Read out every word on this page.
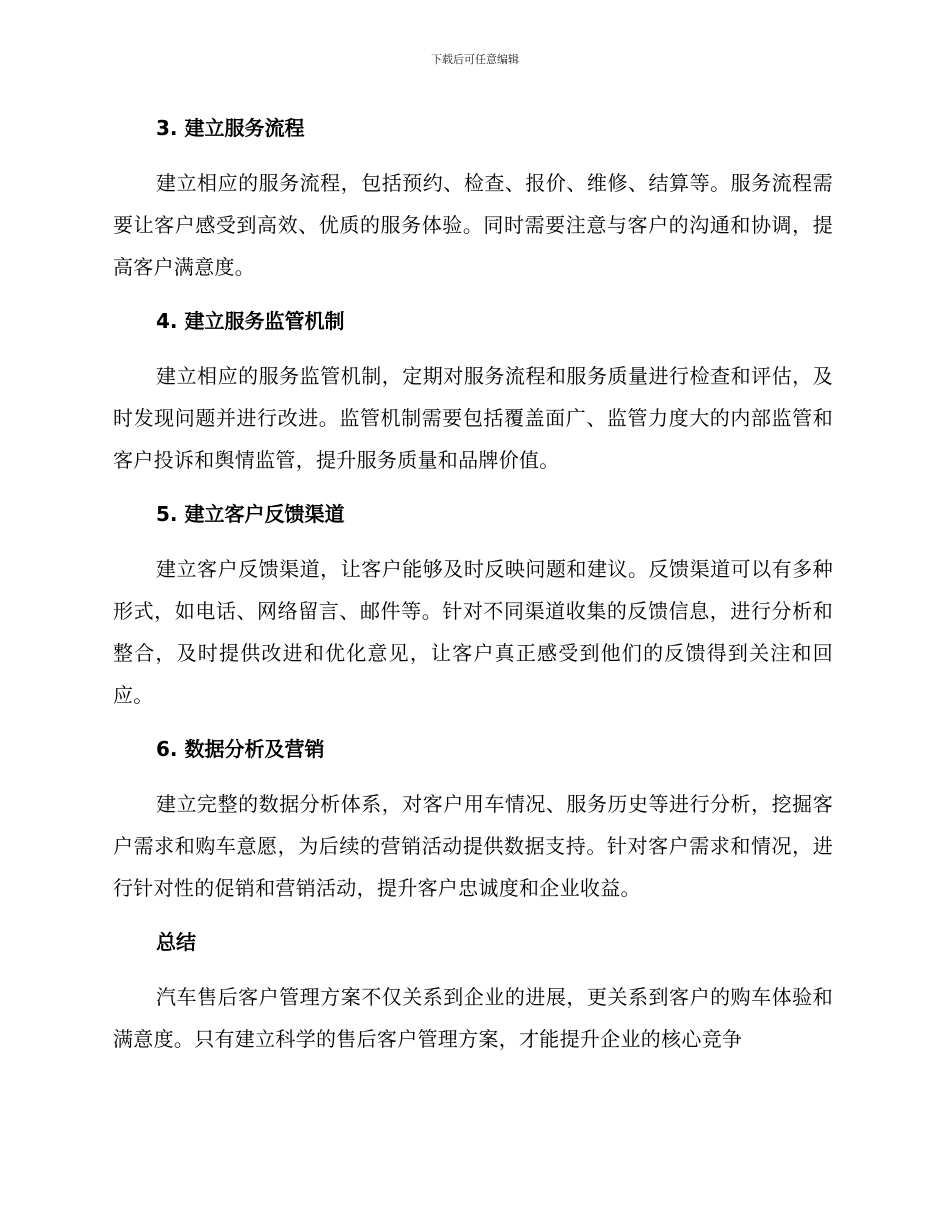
下载后可任意编辑
3. 建立服务流程

建立相应的服务流程，包括预约、检查、报价、维修、结算等。服务流程需要让客户感受到高效、优质的服务体验。同时需要注意与客户的沟通和协调，提高客户满意度。

4. 建立服务监管机制

建立相应的服务监管机制，定期对服务流程和服务质量进行检查和评估，及时发现问题并进行改进。监管机制需要包括覆盖面广、监管力度大的内部监管和客户投诉和舆情监管，提升服务质量和品牌价值。

5. 建立客户反馈渠道

建立客户反馈渠道，让客户能够及时反映问题和建议。反馈渠道可以有多种形式，如电话、网络留言、邮件等。针对不同渠道收集的反馈信息，进行分析和整合，及时提供改进和优化意见，让客户真正感受到他们的反馈得到关注和回应。

6. 数据分析及营销

建立完整的数据分析体系，对客户用车情况、服务历史等进行分析，挖掘客户需求和购车意愿，为后续的营销活动提供数据支持。针对客户需求和情况，进行针对性的促销和营销活动，提升客户忠诚度和企业收益。

总结

汽车售后客户管理方案不仅关系到企业的进展，更关系到客户的购车体验和满意度。只有建立科学的售后客户管理方案，才能提升企业的核心竞争
